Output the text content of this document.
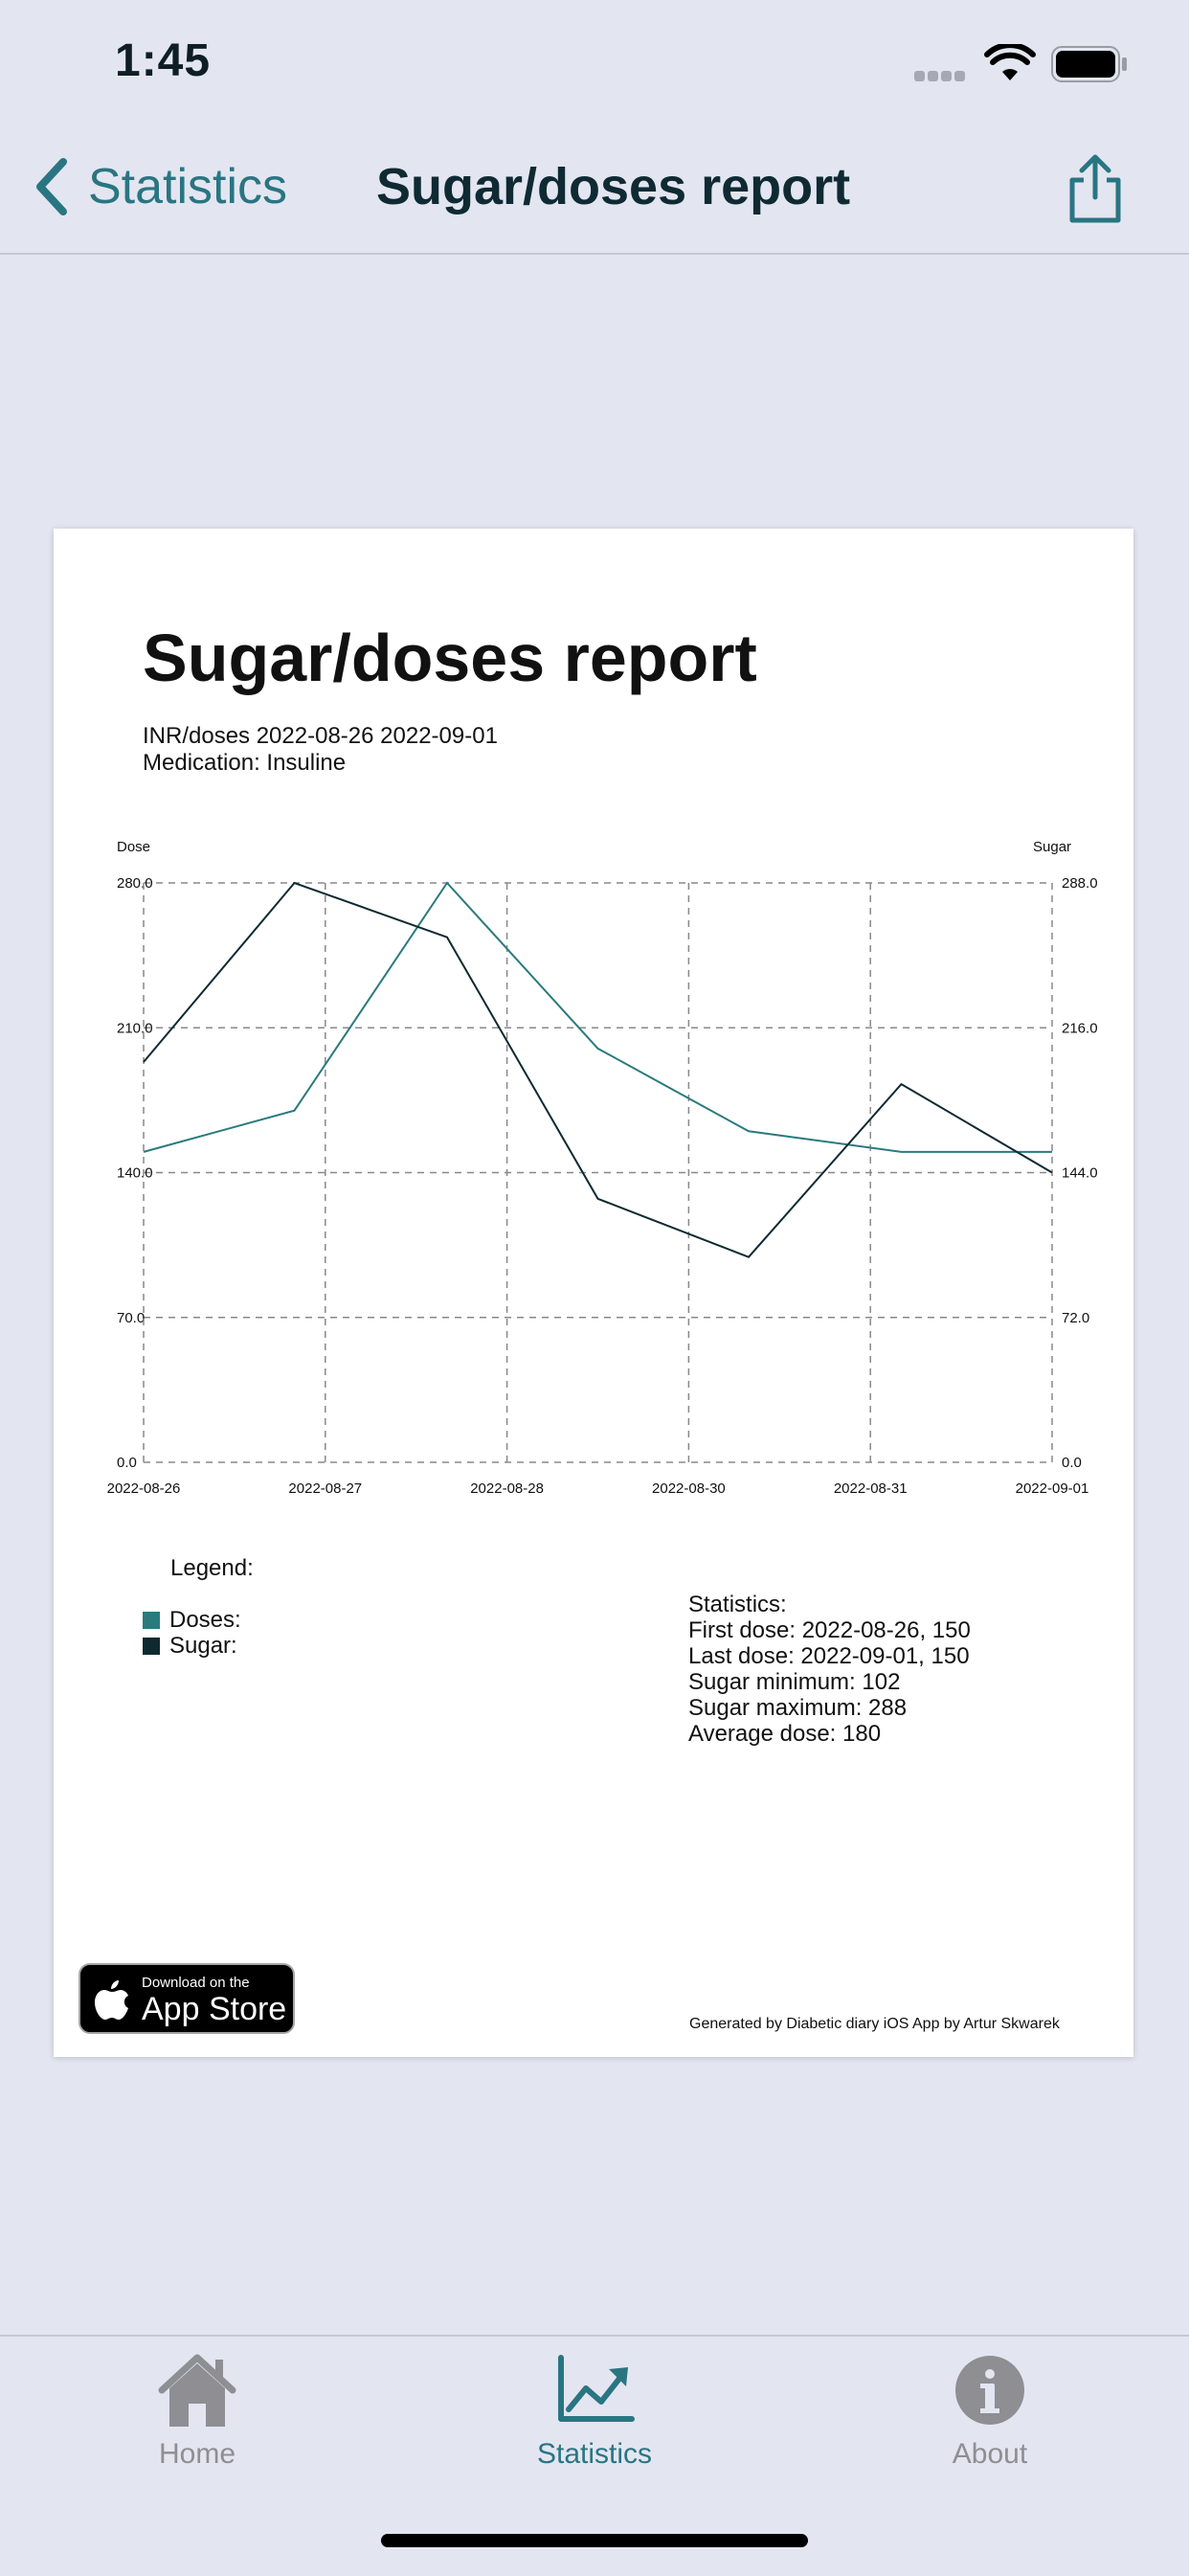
1:45
Statistics Sugar/doses report
Sugar/doses report
INR/doses 2022-08-26 2022-09-01
Medication: Insuline
0.0	0.0
70.0	72.0
140.0	144.0
210.0	216.0
280.0	288.0
2022-08-26	2022-08-27	2022-08-28	2022-08-30	2022-08-31	2022-09-01
Dose	Sugar
Legend:
Doses:
Sugar:
Statistics:
First dose: 2022-08-26, 150
Last dose: 2022-09-01, 150
Sugar minimum: 102
Sugar maximum: 288
Average dose: 180
Download on the
App Store	Generated by Diabetic diary iOS App by Artur Skwarek
Home	Statistics	About
